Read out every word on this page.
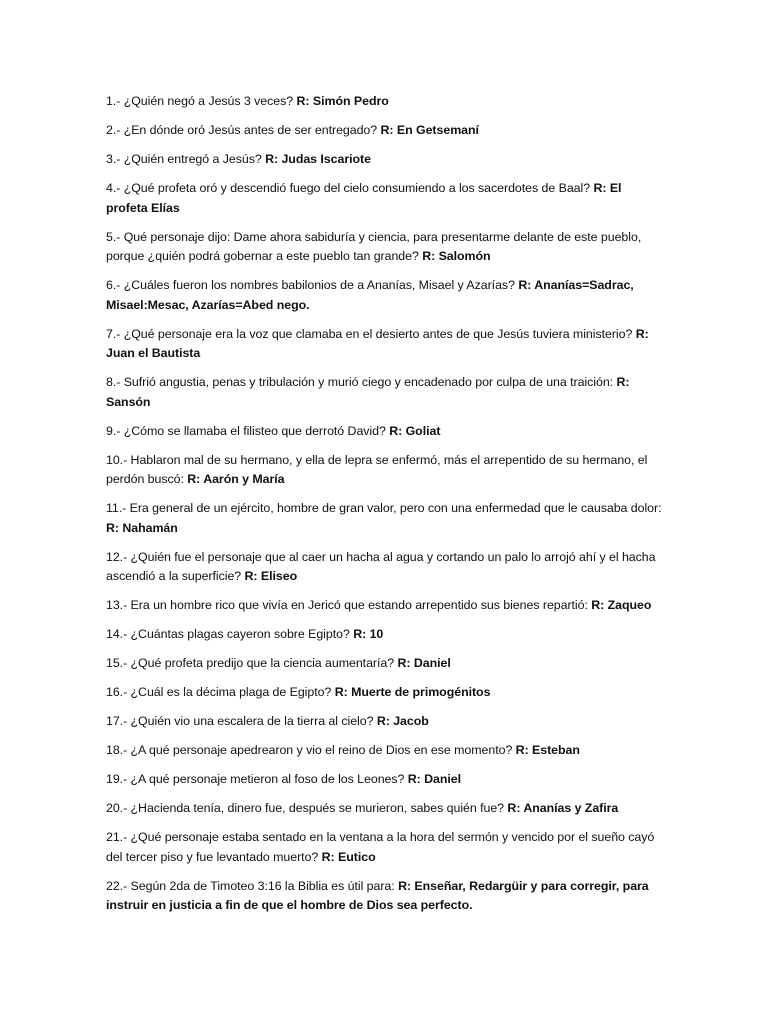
1.- ¿Quién negó a Jesús 3 veces? R: Simón Pedro
2.- ¿En dónde oró Jesús antes de ser entregado? R: En Getsemaní
3.- ¿Quién entregó a Jesús? R: Judas Iscariote
4.- ¿Qué profeta oró y descendió fuego del cielo consumiendo a los sacerdotes de Baal? R: El profeta Elías
5.- Qué personaje dijo: Dame ahora sabiduría y ciencia, para presentarme delante de este pueblo, porque ¿quién podrá gobernar a este pueblo tan grande? R: Salomón
6.- ¿Cuáles fueron los nombres babilonios de a Ananías, Misael y Azarías? R: Ananías=Sadrac, Misael:Mesac, Azarías=Abed nego.
7.- ¿Qué personaje era la voz que clamaba en el desierto antes de que Jesús tuviera ministerio? R: Juan el Bautista
8.- Sufrió angustia, penas y tribulación y murió ciego y encadenado por culpa de una traición: R: Sansón
9.- ¿Cómo se llamaba el filisteo que derrotó David? R: Goliat
10.- Hablaron mal de su hermano, y ella de lepra se enfermó, más el arrepentido de su hermano, el perdón buscó: R: Aarón y María
11.- Era general de un ejército, hombre de gran valor, pero con una enfermedad que le causaba dolor: R: Nahamán
12.- ¿Quién fue el personaje que al caer un hacha al agua y cortando un palo lo arrojó ahí y el hacha ascendió a la superficie? R: Eliseo
13.- Era un hombre rico que vivía en Jericó que estando arrepentido sus bienes repartió: R: Zaqueo
14.- ¿Cuántas plagas cayeron sobre Egipto? R: 10
15.- ¿Qué profeta predijo que la ciencia aumentaría? R: Daniel
16.- ¿Cuál es la décima plaga de Egipto? R: Muerte de primogénitos
17.- ¿Quién vio una escalera de la tierra al cielo? R: Jacob
18.- ¿A qué personaje apedrearon y vio el reino de Dios en ese momento? R: Esteban
19.- ¿A qué personaje metieron al foso de los Leones? R: Daniel
20.- ¿Hacienda tenía, dinero fue, después se murieron, sabes quién fue? R: Ananías y Zafira
21.- ¿Qué personaje estaba sentado en la ventana a la hora del sermón y vencido por el sueño cayó del tercer piso y fue levantado muerto? R: Eutico
22.- Según 2da de Timoteo 3:16 la Biblia es útil para: R: Enseñar, Redargüir y para corregir, para instruir en justicia a fin de que el hombre de Dios sea perfecto.
